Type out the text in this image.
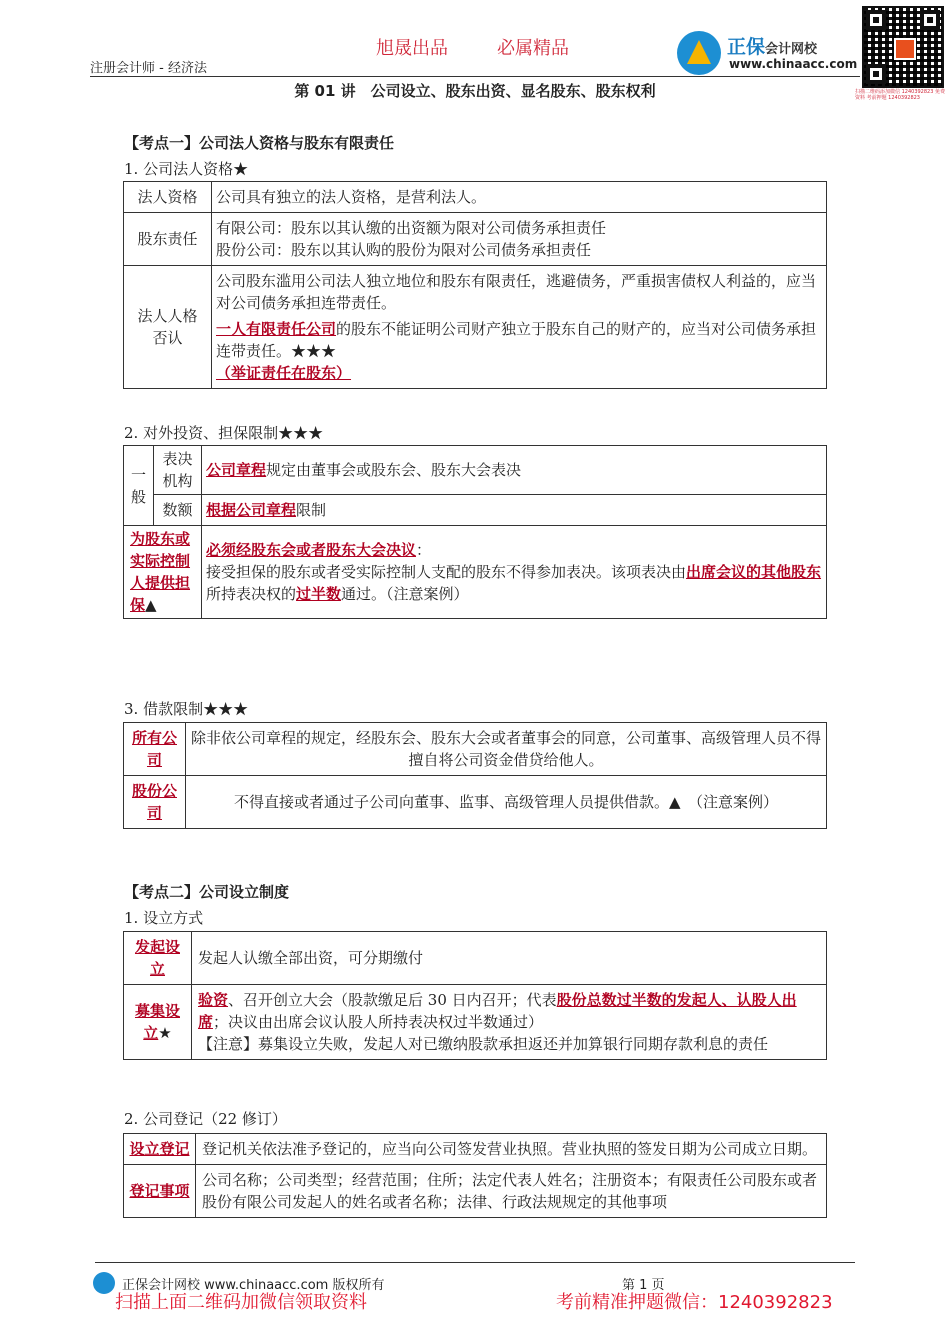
旭晟出品	必属精品
注册会计师 - 经济法
正保会计网校
www.chinaacc.com
扫描二维码添加微信 1240392823 免费资料 考前押题 1240392823
第 01 讲　公司设立、股东出资、显名股东、股东权利
【考点一】公司法人资格与股东有限责任
1. 公司法人资格★
法人资格	公司具有独立的法人资格，是营利法人。
股东责任	有限公司：股东以其认缴的出资额为限对公司债务承担责任
股份公司：股东以其认购的股份为限对公司债务承担责任

法人人格否认	公司股东滥用公司法人独立地位和股东有限责任，逃避债务，严重损害债权人利益的，应当对公司债务承担连带责任。
一人有限责任公司的股东不能证明公司财产独立于股东自己的财产的，应当对公司债务承担连带责任。★★★
（举证责任在股东）
2. 对外投资、担保限制★★★
一般	表决机构	公司章程规定由董事会或股东会、股东大会表决
	数额	根据公司章程限制
为股东或实际控制人提供担保▲		必须经股东会或者股东大会决议：
接受担保的股东或者受实际控制人支配的股东不得参加表决。该项表决由出席会议的其他股东所持表决权的过半数通过。（注意案例）
3. 借款限制★★★
所有公司	除非依公司章程的规定，经股东会、股东大会或者董事会的同意，公司董事、高级管理人员不得擅自将公司资金借贷给他人。
股份公司	不得直接或者通过子公司向董事、监事、高级管理人员提供借款。▲　（注意案例）
【考点二】公司设立制度
1. 设立方式
发起设立	发起人认缴全部出资，可分期缴付
募集设立★	验资、召开创立大会（股款缴足后 30 日内召开；代表股份总数过半数的发起人、认股人出席；决议由出席会议认股人所持表决权过半数通过）
【注意】募集设立失败，发起人对已缴纳股款承担返还并加算银行同期存款利息的责任
2. 公司登记（22 修订）
设立登记	登记机关依法准予登记的，应当向公司签发营业执照。营业执照的签发日期为公司成立日期。
登记事项	公司名称；公司类型；经营范围；住所；法定代表人姓名；注册资本；有限责任公司股东或者股份有限公司发起人的姓名或者名称；法律、行政法规规定的其他事项
正保会计网校 www.chinaacc.com 版权所有	第 1 页
扫描上面二维码加微信领取资料	考前精准押题微信：1240392823
